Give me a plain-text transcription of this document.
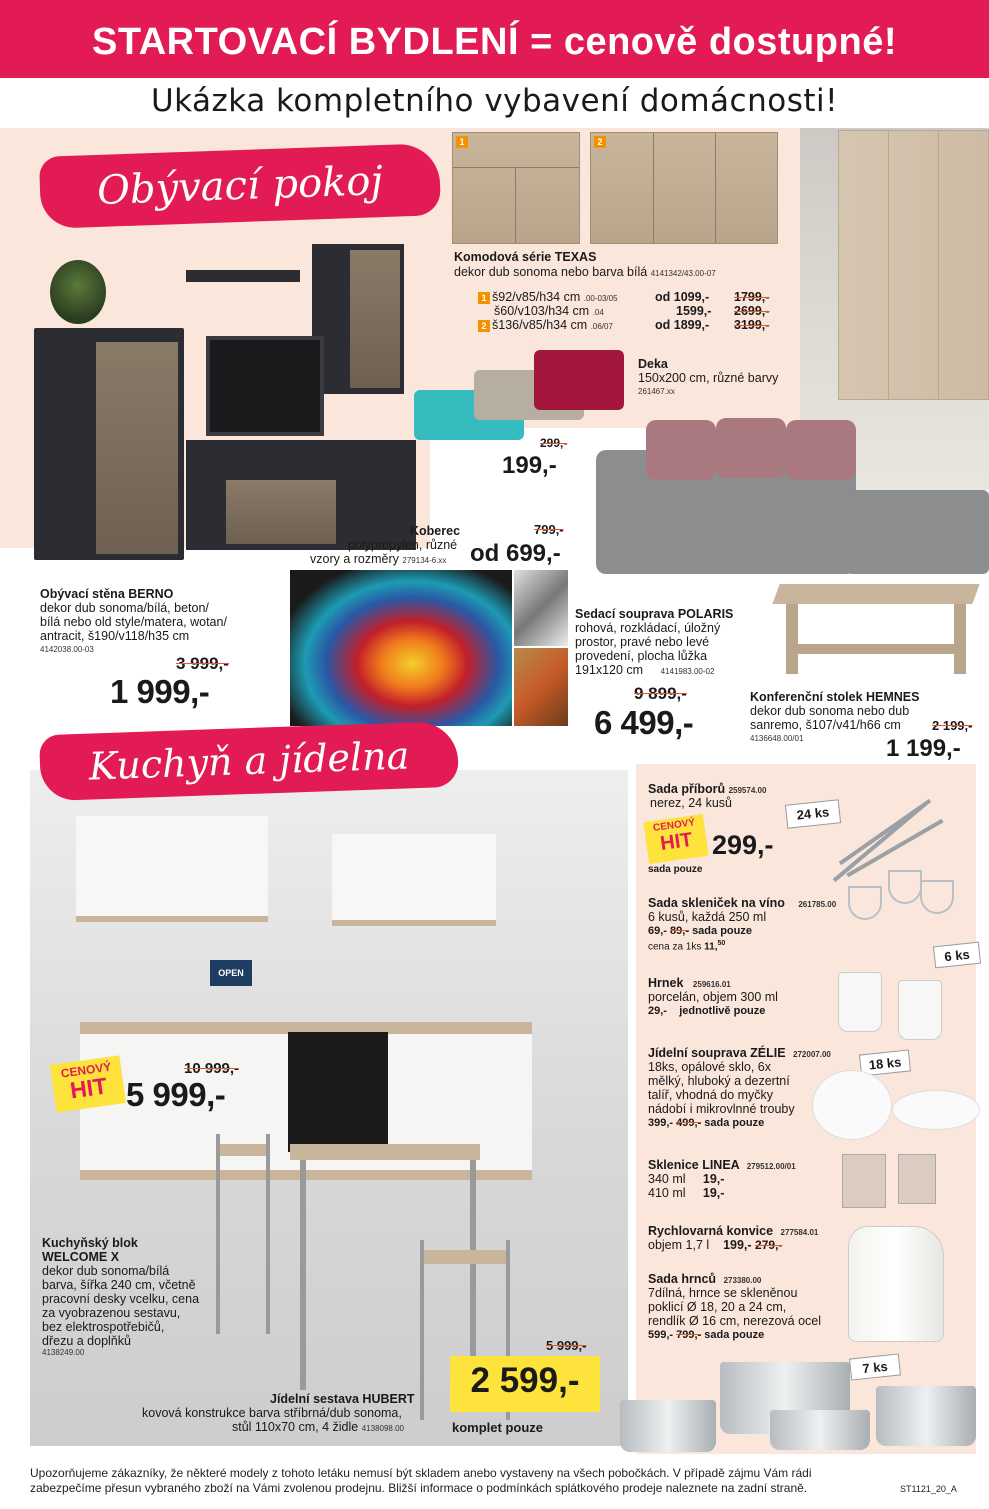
STARTOVACÍ BYDLENÍ = cenově dostupné!
Ukázka kompletního vybavení domácnosti!
Obývací pokoj
1	2
Komodová série TEXAS
dekor dub sonoma nebo barva bílá 4141342/43.00-07
1 š92/v85/h34 cm .00-03/05	od 1099,- 1799,-
š60/v103/h34 cm .04	1599,- 2699,-
2 š136/v85/h34 cm .06/07	od 1899,- 3199,-
Deka
150x200 cm, různé barvy
261467.xx
299,-
199,-
Koberec
polypropylen, různé
vzory a rozměry 279134-6.xx
799,-
od 699,-
Obývací stěna BERNO
dekor dub sonoma/bílá, beton/
bílá nebo old style/matera, wotan/
antracit, š190/v118/h35 cm
4142038.00-03
3 999,-
1 999,-
Sedací souprava POLARIS
rohová, rozkládací, úložný
prostor, pravé nebo levé
provedení, plocha lůžka
191x120 cm 4141983.00-02
9 899,-
6 499,-
Konferenční stolek HEMNES
dekor dub sonoma nebo dub
sanremo, š107/v41/h66 cm 2 199,-
4136648.00/01	1 199,-
OPEN
Kuchyň a jídelna
CENOVÝ
HIT
10 999,-
5 999,-
Kuchyňský blok
WELCOME X
dekor dub sonoma/bílá
barva, šířka 240 cm, včetně
pracovní desky vcelku, cena
za vyobrazenou sestavu,
bez elektrospotřebičů,
dřezu a doplňků
4138249.00	5 999,-
2 599,-
komplet pouze
Jídelní sestava HUBERT
kovová konstrukce barva stříbrná/dub sonoma,
stůl 110x70 cm, 4 židle 4138098.00
Sada příborů 259574.00
nerez, 24 kusů
CENOVÝ
HIT 299,-
sada pouze
24 ks
Sada skleniček na víno 261785.00
6 kusů, každá 250 ml
69,- 89,- sada pouze
cena za 1ks 11,50
6 ks
Hrnek 259616.01
porcelán, objem 300 ml
29,- jednotlivě pouze
Jídelní souprava ZÉLIE 272007.00
18ks, opálové sklo, 6x
mělký, hluboký a dezertní
talíř, vhodná do myčky
nádobí i mikrovlnné trouby
399,- 499,- sada pouze
18 ks
Sklenice LINEA 279512.00/01
340 ml 19,-
410 ml 19,-
Rychlovarná konvice 277584.01
objem 1,7 l 199,- 279,-
Sada hrnců 273380.00
7dílná, hrnce se skleněnou
poklicí Ø 18, 20 a 24 cm,
rendlík Ø 16 cm, nerezová ocel
599,- 799,- sada pouze
7 ks
Upozorňujeme zákazníky, že některé modely z tohoto letáku nemusí být skladem anebo vystaveny na všech pobočkách. V případě zájmu Vám rádi
zabezpečíme přesun vybraného zboží na Vámi zvolenou prodejnu. Bližší informace o podmínkách splátkového prodeje naleznete na zadní straně.	ST1121_20_A
